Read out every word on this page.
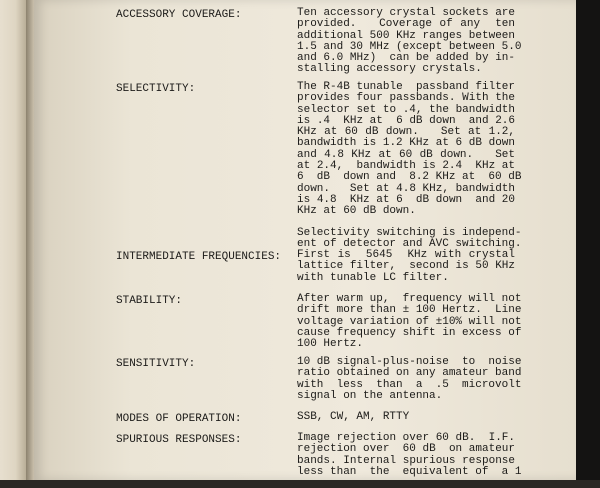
ACCESSORY COVERAGE:	Ten accessory crystal sockets are
provided.   Coverage of any  ten
additional 500 KHz ranges between
1.5 and 30 MHz (except between 5.0
and 6.0 MHz)  can be added by in-
stalling accessory crystals.
SELECTIVITY:	The R-4B tunable  passband filter
provides four passbands. With the
selector set to .4, the bandwidth
is .4  KHz at  6 dB down  and 2.6
KHz at 60 dB down.   Set at 1.2,
bandwidth is 1.2 KHz at 6 dB down
and 4.8 KHz at 60 dB down.   Set
at 2.4,  bandwidth is 2.4  KHz at
6  dB  down and  8.2 KHz at  60 dB
down.   Set at 4.8 KHz, bandwidth
is 4.8  KHz at 6  dB down  and 20
KHz at 60 dB down.
Selectivity switching is independ-
ent of detector and AVC switching.
INTERMEDIATE FREQUENCIES: First is  5645  KHz with crystal
lattice filter,  second is 50 KHz
with tunable LC filter.
STABILITY:	After warm up,  frequency will not
drift more than ± 100 Hertz.  Line
voltage variation of ±10% will not
cause frequency shift in excess of
100 Hertz.
SENSITIVITY:	10 dB signal-plus-noise  to  noise
ratio obtained on any amateur band
with  less  than  a  .5  microvolt
signal on the antenna.
MODES OF OPERATION:	SSB, CW, AM, RTTY
SPURIOUS RESPONSES:	Image rejection over 60 dB.  I.F.
rejection over  60 dB  on amateur
bands. Internal spurious response
less than  the  equivalent of  a 1
